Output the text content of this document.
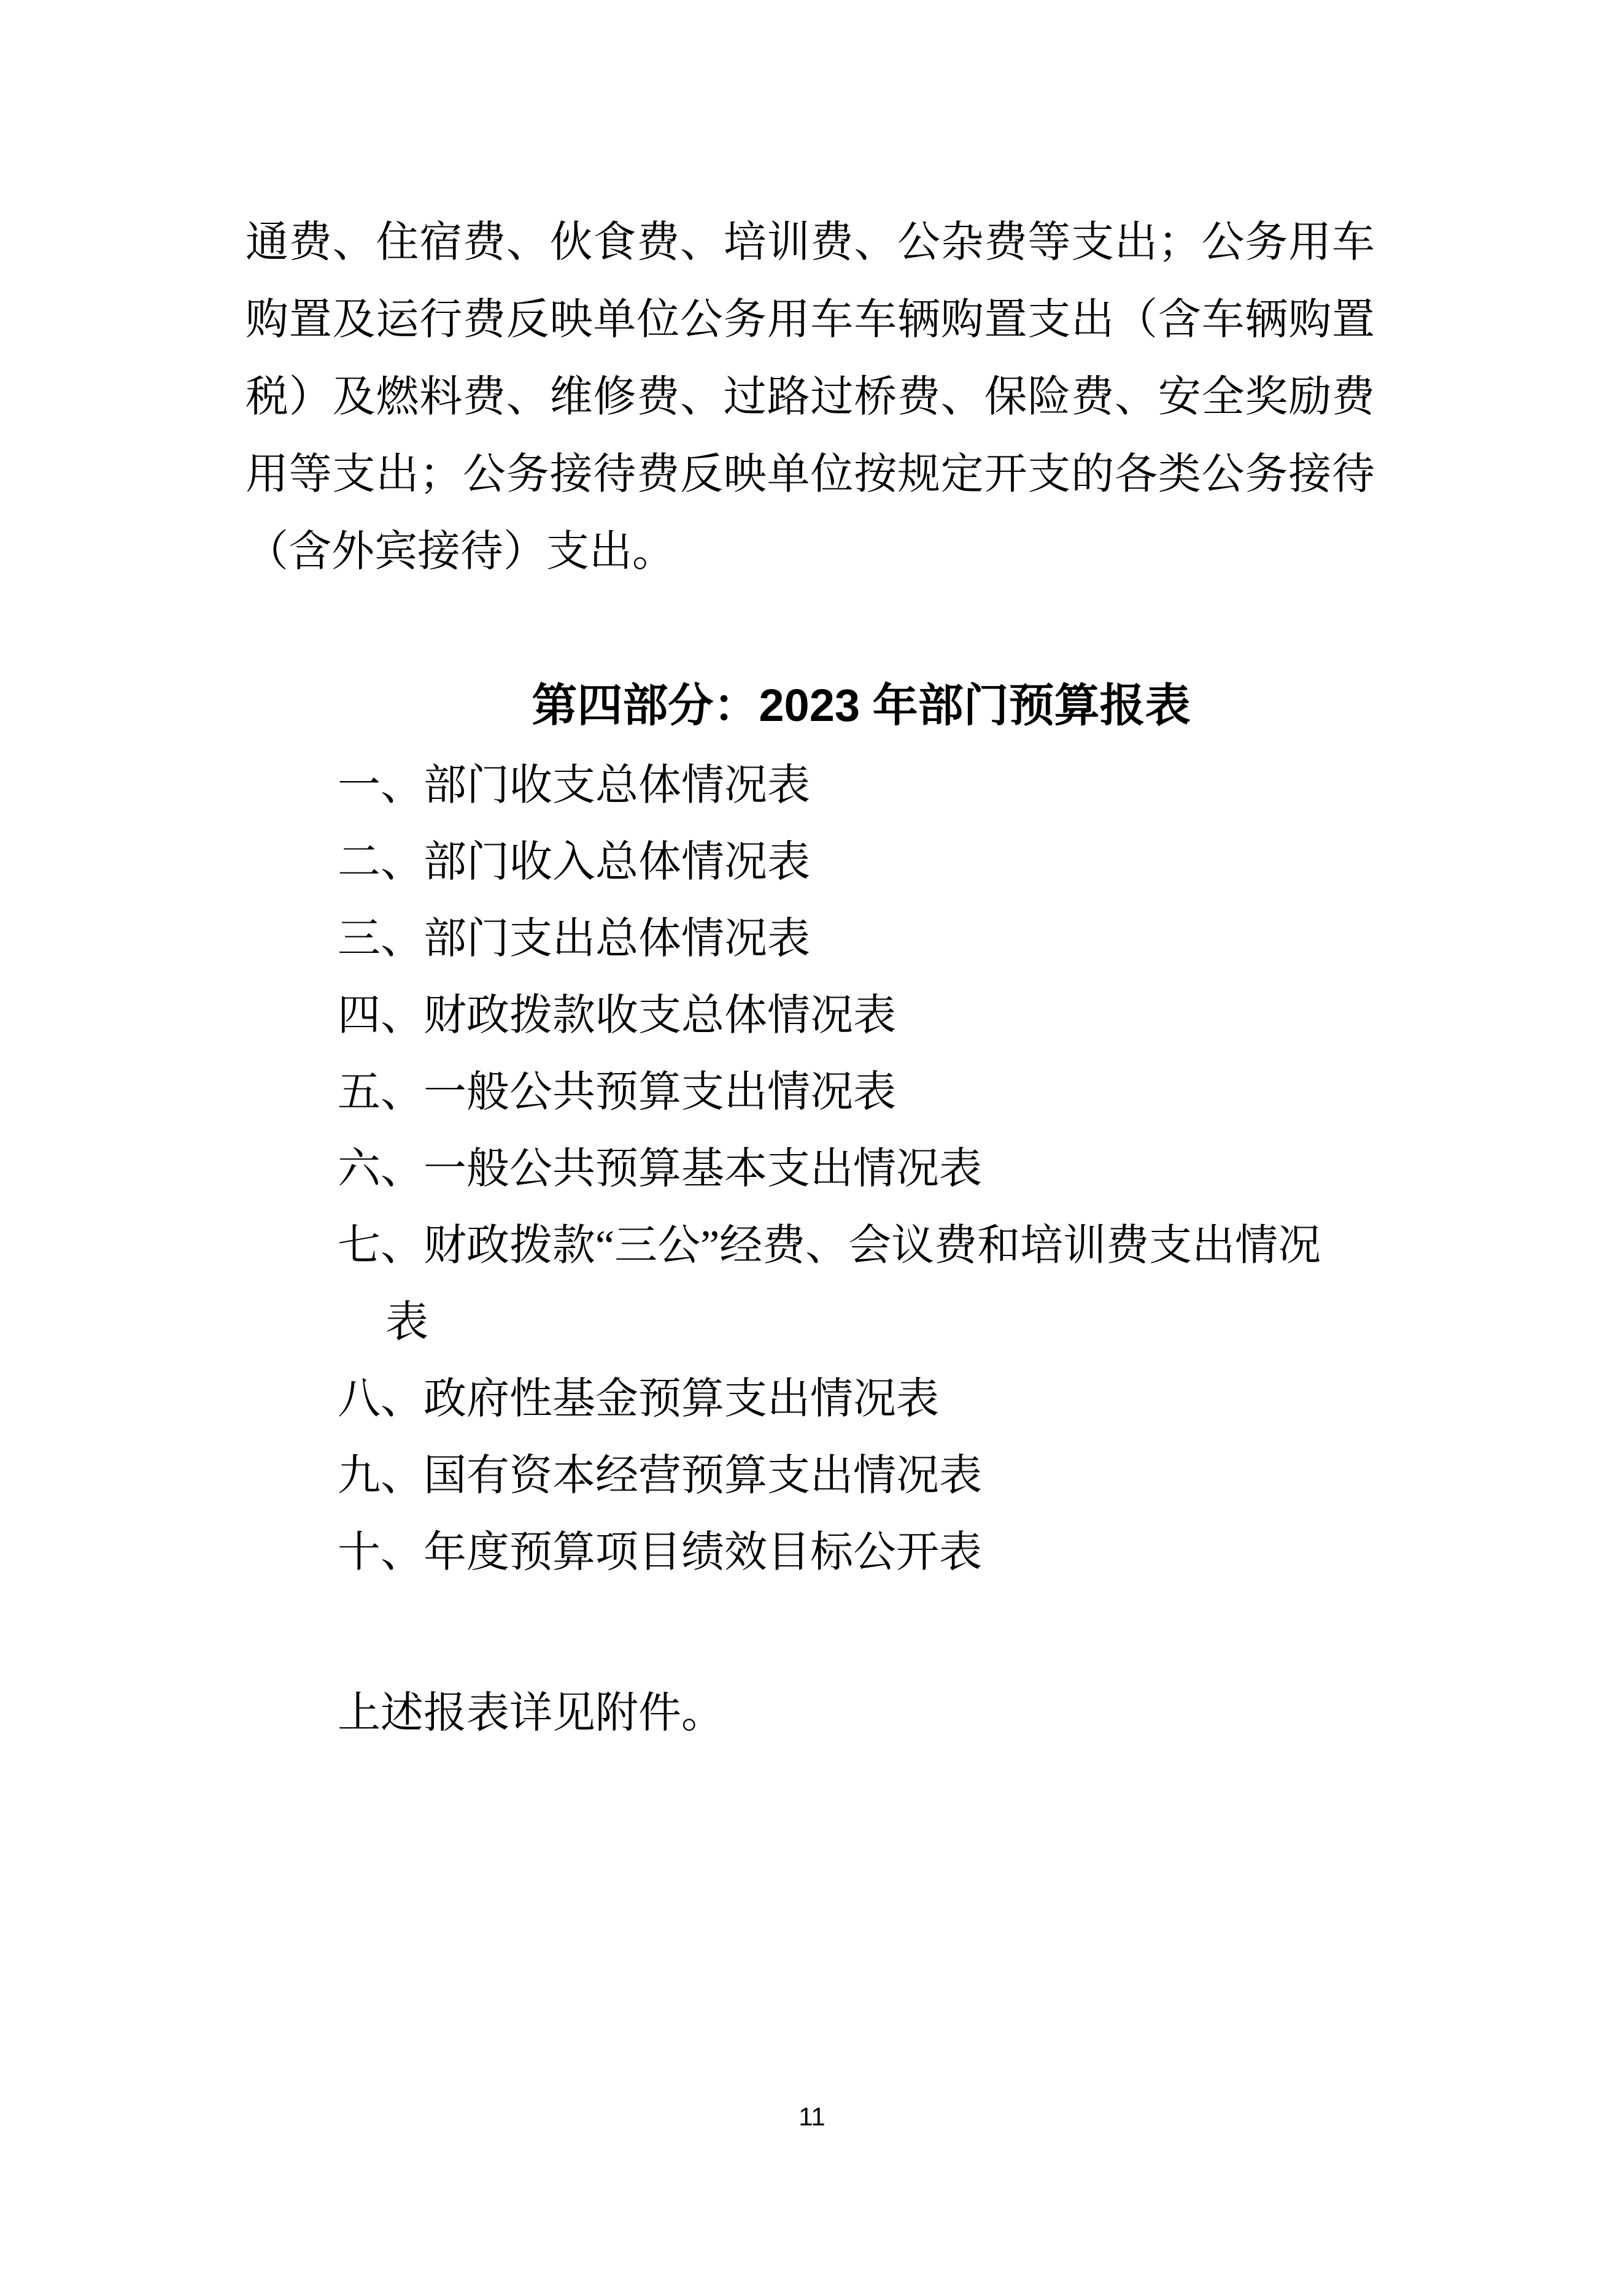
通费、住宿费、伙食费、培训费、公杂费等支出；公务用车
购置及运行费反映单位公务用车车辆购置支出（含车辆购置
税）及燃料费、维修费、过路过桥费、保险费、安全奖励费
用等支出；公务接待费反映单位按规定开支的各类公务接待
（含外宾接待）支出。
第四部分：2023 年部门预算报表
一、部门收支总体情况表
二、部门收入总体情况表
三、部门支出总体情况表
四、财政拨款收支总体情况表
五、一般公共预算支出情况表
六、一般公共预算基本支出情况表
七、财政拨款“三公”经费、会议费和培训费支出情况
表
八、政府性基金预算支出情况表
九、国有资本经营预算支出情况表
十、年度预算项目绩效目标公开表
上述报表详见附件。
11
